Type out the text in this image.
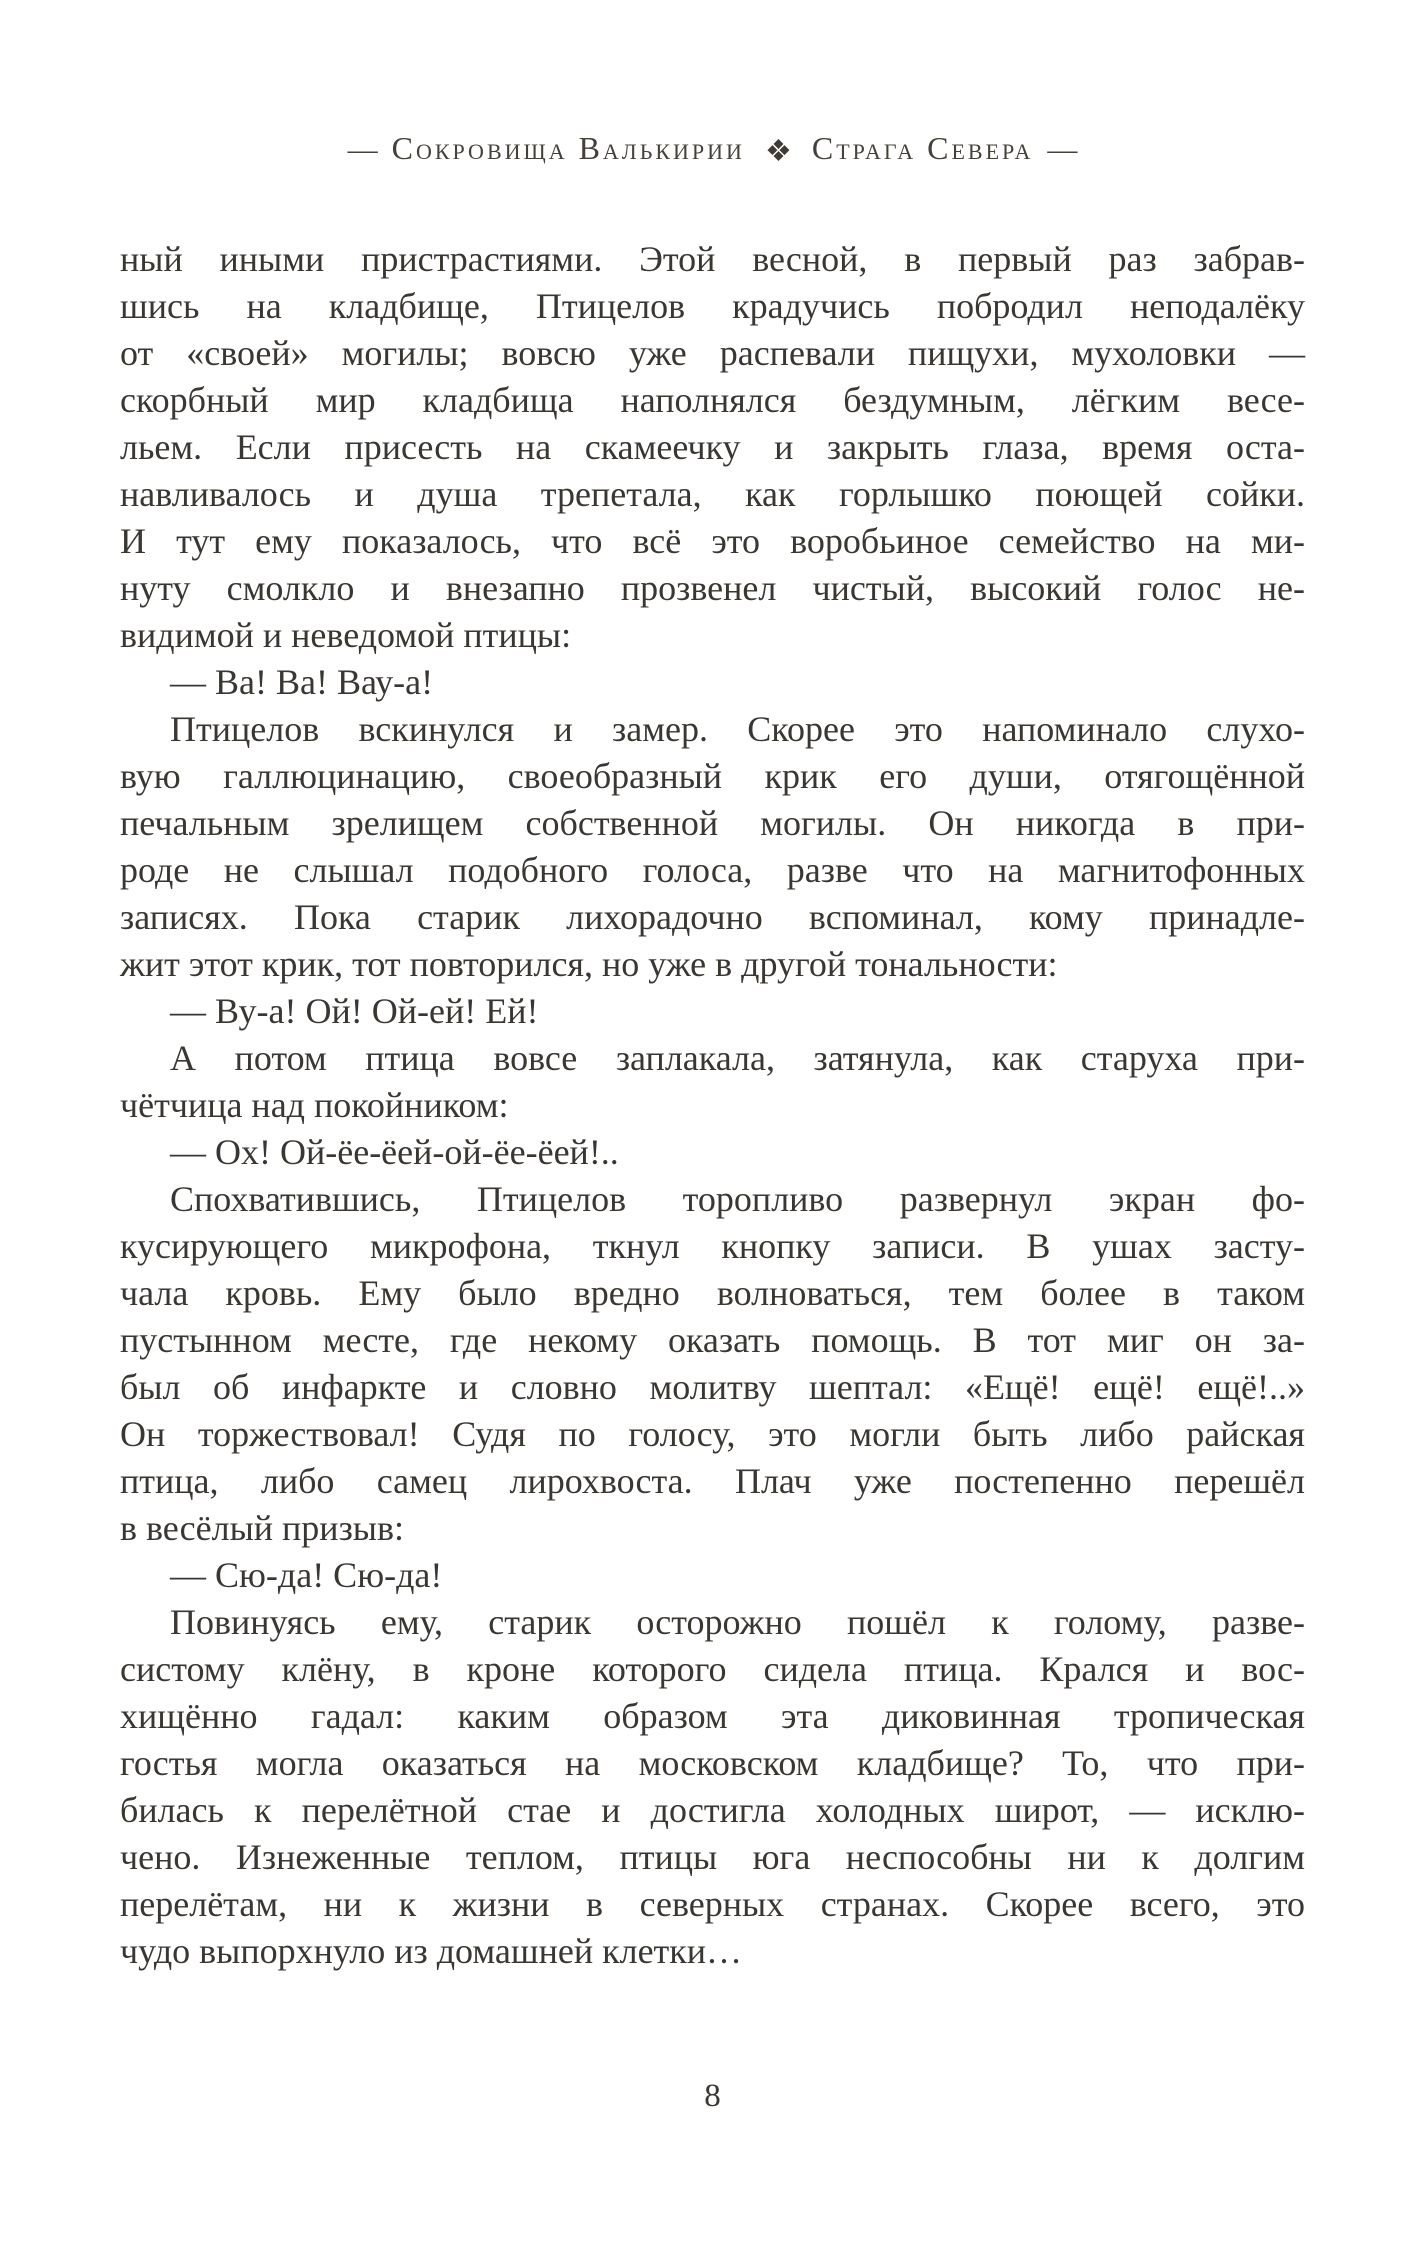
— Сокровища Валькирии ❖ Страга Севера —
ный иными пристрастиями. Этой весной, в первый раз забрав-
шись на кладбище, Птицелов крадучись побродил неподалёку
от «своей» могилы; вовсю уже распевали пищухи, мухоловки —
скорбный мир кладбища наполнялся бездумным, лёгким весе-
льем. Если присесть на скамеечку и закрыть глаза, время оста-
навливалось и душа трепетала, как горлышко поющей сойки.
И тут ему показалось, что всё это воробьиное семейство на ми-
нуту смолкло и внезапно прозвенел чистый, высокий голос не-
видимой и неведомой птицы:
— Ва! Ва! Вау-а!
Птицелов вскинулся и замер. Скорее это напоминало слухо-
вую галлюцинацию, своеобразный крик его души, отягощённой
печальным зрелищем собственной могилы. Он никогда в при-
роде не слышал подобного голоса, разве что на магнитофонных
записях. Пока старик лихорадочно вспоминал, кому принадле-
жит этот крик, тот повторился, но уже в другой тональности:
— Ву-а! Ой! Ой-ей! Ей!
А потом птица вовсе заплакала, затянула, как старуха при-
чётчица над покойником:
— Ох! Ой-ёе-ёей-ой-ёе-ёей!..
Спохватившись, Птицелов торопливо развернул экран фо-
кусирующего микрофона, ткнул кнопку записи. В ушах засту-
чала кровь. Ему было вредно волноваться, тем более в таком
пустынном месте, где некому оказать помощь. В тот миг он за-
был об инфаркте и словно молитву шептал: «Ещё! ещё! ещё!..»
Он торжествовал! Судя по голосу, это могли быть либо райская
птица, либо самец лирохвоста. Плач уже постепенно перешёл
в весёлый призыв:
— Сю-да! Сю-да!
Повинуясь ему, старик осторожно пошёл к голому, разве-
систому клёну, в кроне которого сидела птица. Крался и вос-
хищённо гадал: каким образом эта диковинная тропическая
гостья могла оказаться на московском кладбище? То, что при-
билась к перелётной стае и достигла холодных широт, — исклю-
чено. Изнеженные теплом, птицы юга неспособны ни к долгим
перелётам, ни к жизни в северных странах. Скорее всего, это
чудо выпорхнуло из домашней клетки…
8
